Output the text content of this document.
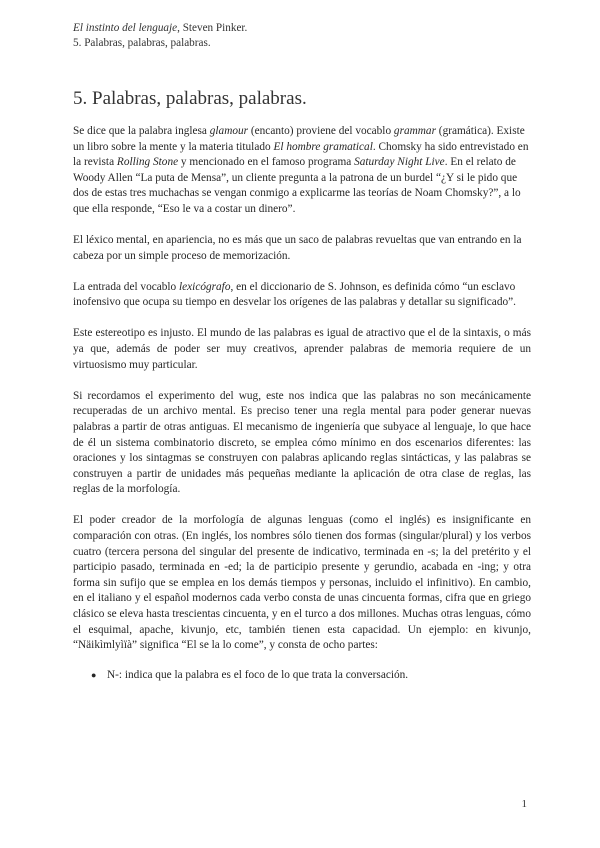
El instinto del lenguaje, Steven Pinker.
5. Palabras, palabras, palabras.
5. Palabras, palabras, palabras.

Se dice que la palabra inglesa glamour (encanto) proviene del vocablo grammar (gramática). Existe un libro sobre la mente y la materia titulado El hombre gramatical. Chomsky ha sido entrevistado en la revista Rolling Stone y mencionado en el famoso programa Saturday Night Live. En el relato de Woody Allen “La puta de Mensa”, un cliente pregunta a la patrona de un burdel “¿Y si le pido que dos de estas tres muchachas se vengan conmigo a explicarme las teorías de Noam Chomsky?”, a lo que ella responde, “Eso le va a costar un dinero”.

El léxico mental, en apariencia, no es más que un saco de palabras revueltas que van entrando en la cabeza por un simple proceso de memorización.

La entrada del vocablo lexicógrafo, en el diccionario de S. Johnson, es definida cómo “un esclavo inofensivo que ocupa su tiempo en desvelar los orígenes de las palabras y detallar su significado”.

Este estereotipo es injusto. El mundo de las palabras es igual de atractivo que el de la sintaxis, o más ya que, además de poder ser muy creativos, aprender palabras de memoria requiere de un virtuosismo muy particular.

Si recordamos el experimento del wug, este nos indica que las palabras no son mecánicamente recuperadas de un archivo mental. Es preciso tener una regla mental para poder generar nuevas palabras a partir de otras antiguas. El mecanismo de ingeniería que subyace al lenguaje, lo que hace de él un sistema combinatorio discreto, se emplea cómo mínimo en dos escenarios diferentes: las oraciones y los sintagmas se construyen con palabras aplicando reglas sintácticas, y las palabras se construyen a partir de unidades más pequeñas mediante la aplicación de otra clase de reglas, las reglas de la morfología.

El poder creador de la morfología de algunas lenguas (como el inglés) es insignificante en comparación con otras. (En inglés, los nombres sólo tienen dos formas (singular/plural) y los verbos cuatro (tercera persona del singular del presente de indicativo, terminada en -s; la del pretérito y el participio pasado, terminada en -ed; la de participio presente y gerundio, acabada en -ing; y otra forma sin sufijo que se emplea en los demás tiempos y personas, incluido el infinitivo). En cambio, en el italiano y el español modernos cada verbo consta de unas cincuenta formas, cifra que en griego clásico se eleva hasta trescientas cincuenta, y en el turco a dos millones. Muchas otras lenguas, cómo el esquimal, apache, kivunjo, etc, también tienen esta capacidad. Un ejemplo: en kivunjo, “Näikìmlyìïà” significa “El se la lo come”, y consta de ocho partes:

● N-: indica que la palabra es el foco de lo que trata la conversación.
1
